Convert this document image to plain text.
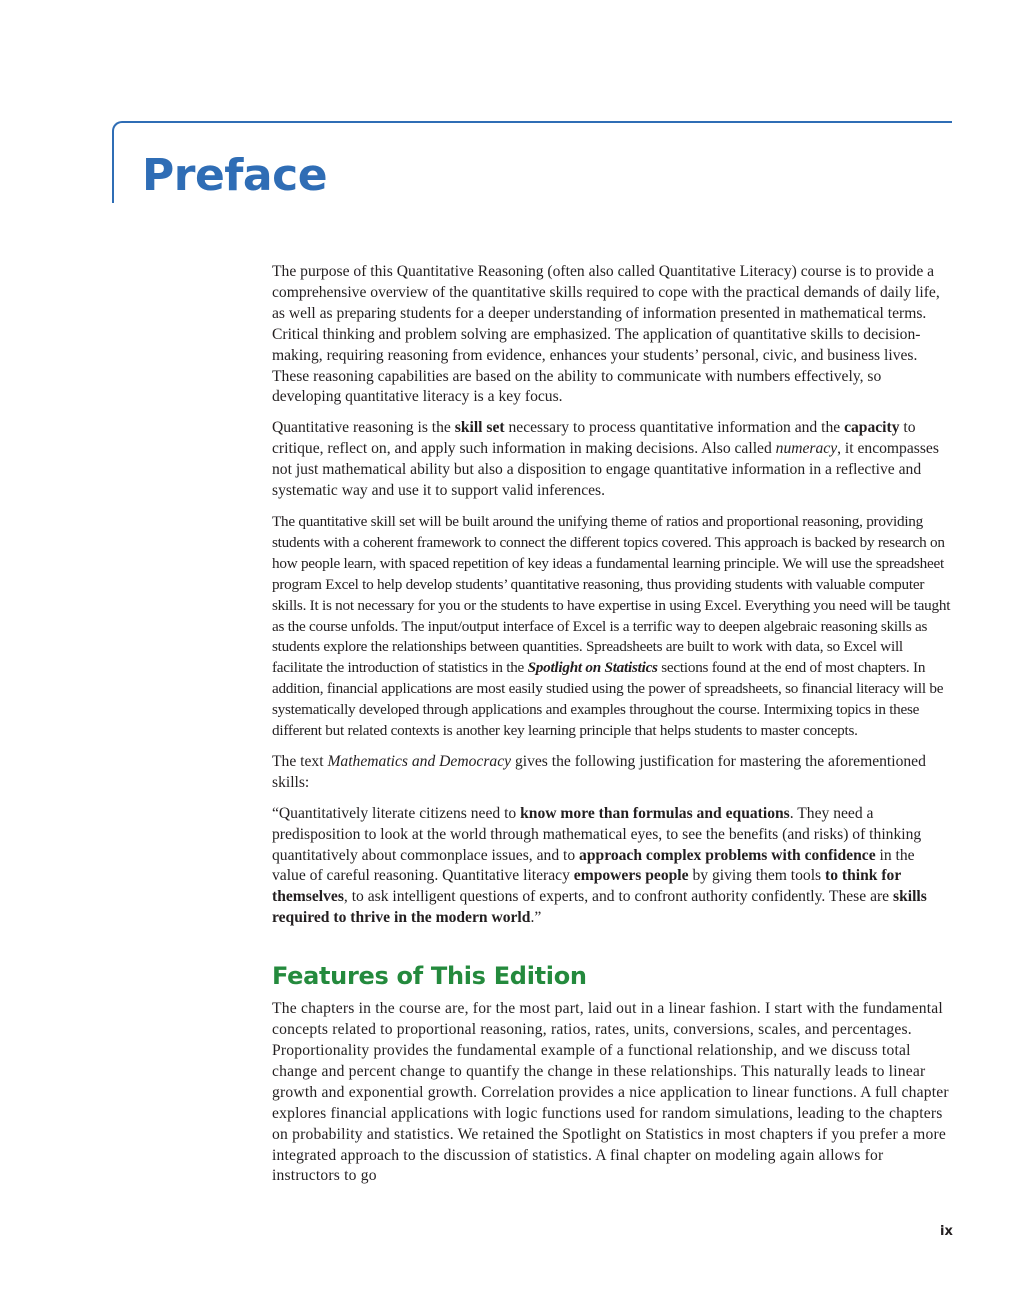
Preface

The purpose of this Quantitative Reasoning (often also called Quantitative Literacy) course is to provide a comprehensive overview of the quantitative skills required to cope with the practical demands of daily life, as well as preparing students for a deeper understanding of information presented in mathematical terms. Critical thinking and problem solving are emphasized. The application of quantitative skills to decision-making, requiring reasoning from evidence, enhances your students’ personal, civic, and business lives. These reasoning capabilities are based on the ability to communicate with numbers effectively, so developing quantitative literacy is a key focus.

Quantitative reasoning is the skill set necessary to process quantitative information and the capacity to critique, reflect on, and apply such information in making decisions. Also called numeracy, it encompasses not just mathematical ability but also a disposition to engage quantitative information in a reflective and systematic way and use it to support valid inferences.

The quantitative skill set will be built around the unifying theme of ratios and proportional reasoning, providing students with a coherent framework to connect the different topics covered. This approach is backed by research on how people learn, with spaced repetition of key ideas a fundamental learning principle. We will use the spreadsheet program Excel to help develop students’ quantitative reasoning, thus providing students with valuable computer skills. It is not necessary for you or the students to have expertise in using Excel. Everything you need will be taught as the course unfolds. The input/output interface of Excel is a terrific way to deepen algebraic reasoning skills as students explore the relationships between quantities. Spreadsheets are built to work with data, so Excel will facilitate the introduction of statistics in the Spotlight on Statistics sections found at the end of most chapters. In addition, financial applications are most easily studied using the power of spreadsheets, so financial literacy will be systematically developed through applications and examples throughout the course. Intermixing topics in these different but related contexts is another key learning principle that helps students to master concepts.

The text Mathematics and Democracy gives the following justification for mastering the aforementioned skills:

“Quantitatively literate citizens need to know more than formulas and equations. They need a predisposition to look at the world through mathematical eyes, to see the benefits (and risks) of thinking quantitatively about commonplace issues, and to approach complex problems with confidence in the value of careful reasoning. Quantitative literacy empowers people by giving them tools to think for themselves, to ask intelligent questions of experts, and to confront authority confidently. These are skills required to thrive in the modern world.”

Features of This Edition

The chapters in the course are, for the most part, laid out in a linear fashion. I start with the fundamental concepts related to proportional reasoning, ratios, rates, units, conversions, scales, and percentages. Proportionality provides the fundamental example of a functional relationship, and we discuss total change and percent change to quantify the change in these relationships. This naturally leads to linear growth and exponential growth. Correlation provides a nice application to linear functions. A full chapter explores financial applications with logic functions used for random simulations, leading to the chapters on probability and statistics. We retained the Spotlight on Statistics in most chapters if you prefer a more integrated approach to the discussion of statistics. A final chapter on modeling again allows for instructors to go

ix
